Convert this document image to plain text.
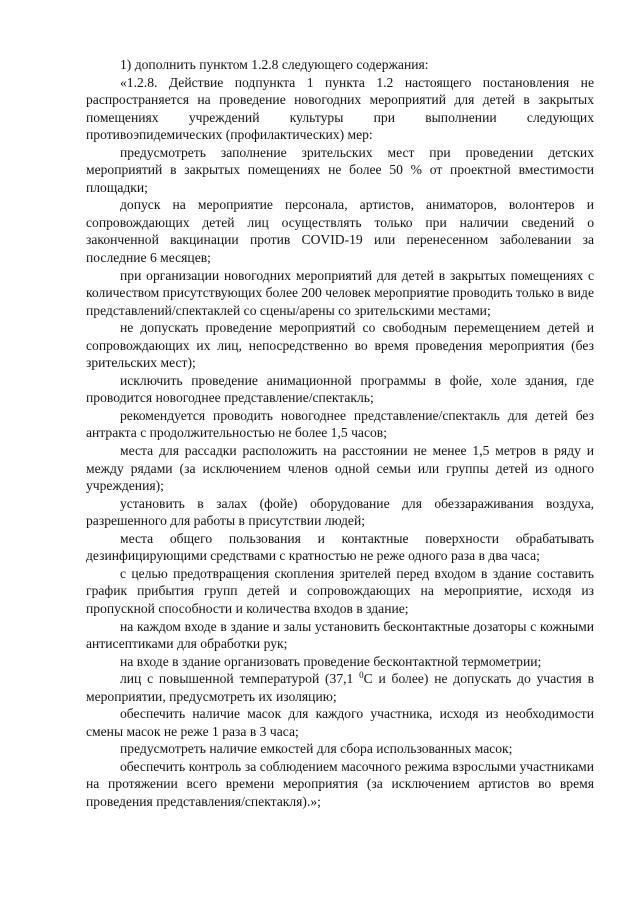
1) дополнить пунктом 1.2.8 следующего содержания:

«1.2.8. Действие подпункта 1 пункта 1.2 настоящего постановления не распространяется на проведение новогодних мероприятий для детей в закрытых помещениях учреждений культуры при выполнении следующих противоэпидемических (профилактических) мер:

предусмотреть заполнение зрительских мест при проведении детских мероприятий в закрытых помещениях не более 50 % от проектной вместимости площадки;

допуск на мероприятие персонала, артистов, аниматоров, волонтеров и сопровождающих детей лиц осуществлять только при наличии сведений о законченной вакцинации против COVID-19 или перенесенном заболевании за последние 6 месяцев;

при организации новогодних мероприятий для детей в закрытых помещениях с количеством присутствующих более 200 человек мероприятие проводить только в виде представлений/спектаклей со сцены/арены со зрительскими местами;

не допускать проведение мероприятий со свободным перемещением детей и сопровождающих их лиц, непосредственно во время проведения мероприятия (без зрительских мест);

исключить проведение анимационной программы в фойе, холе здания, где проводится новогоднее представление/спектакль;

рекомендуется проводить новогоднее представление/спектакль для детей без антракта с продолжительностью не более 1,5 часов;

места для рассадки расположить на расстоянии не менее 1,5 метров в ряду и между рядами (за исключением членов одной семьи или группы детей из одного учреждения);

установить в залах (фойе) оборудование для обеззараживания воздуха, разрешенного для работы в присутствии людей;

места общего пользования и контактные поверхности обрабатывать дезинфицирующими средствами с кратностью не реже одного раза в два часа;

с целью предотвращения скопления зрителей перед входом в здание составить график прибытия групп детей и сопровождающих на мероприятие, исходя из пропускной способности и количества входов в здание;

на каждом входе в здание и залы установить бесконтактные дозаторы с кожными антисептиками для обработки рук;

на входе в здание организовать проведение бесконтактной термометрии;

лиц с повышенной температурой (37,1 $^0$С и более) не допускать до участия в мероприятии, предусмотреть их изоляцию;

обеспечить наличие масок для каждого участника, исходя из необходимости смены масок не реже 1 раза в 3 часа;

предусмотреть наличие емкостей для сбора использованных масок;

обеспечить контроль за соблюдением масочного режима взрослыми участниками на протяжении всего времени мероприятия (за исключением артистов во время проведения представления/спектакля).»;
